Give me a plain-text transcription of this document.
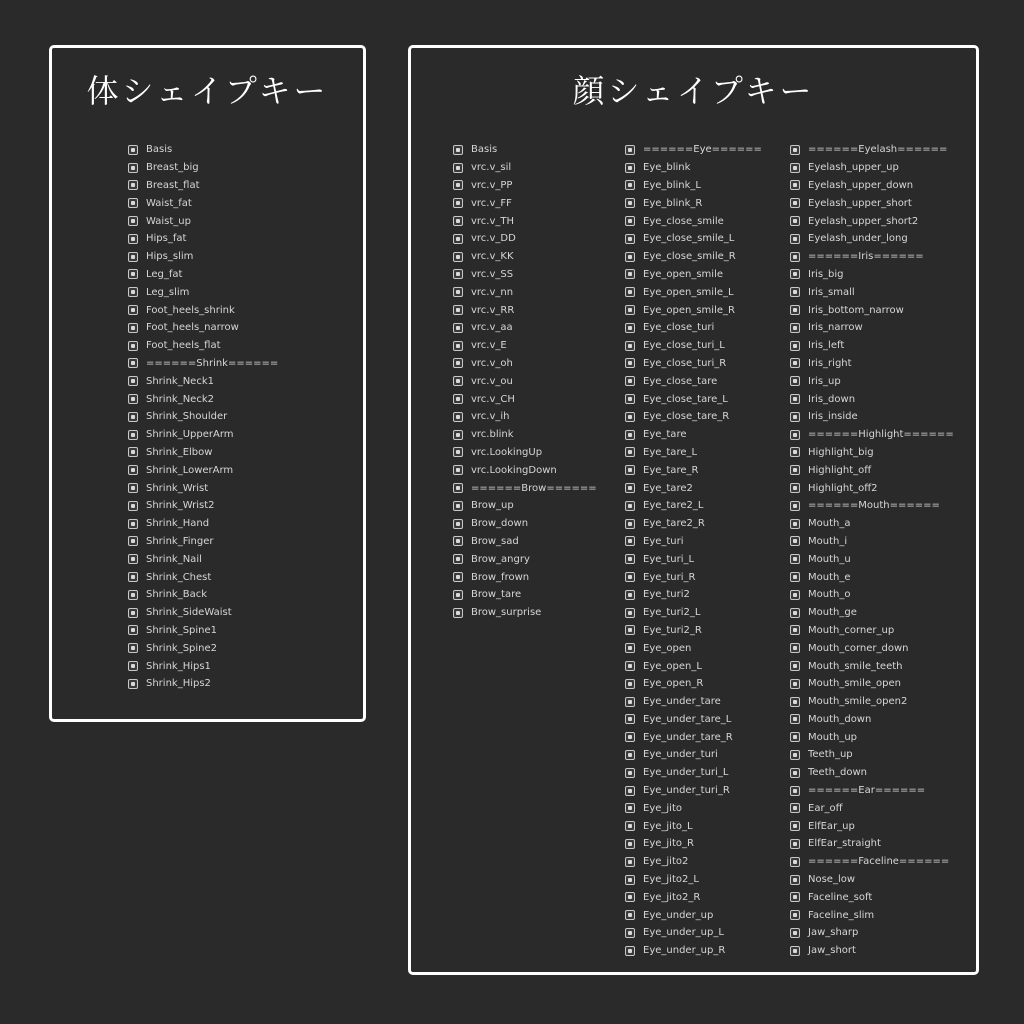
体シェイプキー
Basis
Breast_big
Breast_flat
Waist_fat
Waist_up
Hips_fat
Hips_slim
Leg_fat
Leg_slim
Foot_heels_shrink
Foot_heels_narrow
Foot_heels_flat
======Shrink======
Shrink_Neck1
Shrink_Neck2
Shrink_Shoulder
Shrink_UpperArm
Shrink_Elbow
Shrink_LowerArm
Shrink_Wrist
Shrink_Wrist2
Shrink_Hand
Shrink_Finger
Shrink_Nail
Shrink_Chest
Shrink_Back
Shrink_SideWaist
Shrink_Spine1
Shrink_Spine2
Shrink_Hips1
Shrink_Hips2
顔シェイプキー
Basis
vrc.v_sil
vrc.v_PP
vrc.v_FF
vrc.v_TH
vrc.v_DD
vrc.v_KK
vrc.v_SS
vrc.v_nn
vrc.v_RR
vrc.v_aa
vrc.v_E
vrc.v_oh
vrc.v_ou
vrc.v_CH
vrc.v_ih
vrc.blink
vrc.LookingUp
vrc.LookingDown
======Brow======
Brow_up
Brow_down
Brow_sad
Brow_angry
Brow_frown
Brow_tare
Brow_surprise
======Eye======
Eye_blink
Eye_blink_L
Eye_blink_R
Eye_close_smile
Eye_close_smile_L
Eye_close_smile_R
Eye_open_smile
Eye_open_smile_L
Eye_open_smile_R
Eye_close_turi
Eye_close_turi_L
Eye_close_turi_R
Eye_close_tare
Eye_close_tare_L
Eye_close_tare_R
Eye_tare
Eye_tare_L
Eye_tare_R
Eye_tare2
Eye_tare2_L
Eye_tare2_R
Eye_turi
Eye_turi_L
Eye_turi_R
Eye_turi2
Eye_turi2_L
Eye_turi2_R
Eye_open
Eye_open_L
Eye_open_R
Eye_under_tare
Eye_under_tare_L
Eye_under_tare_R
Eye_under_turi
Eye_under_turi_L
Eye_under_turi_R
Eye_jito
Eye_jito_L
Eye_jito_R
Eye_jito2
Eye_jito2_L
Eye_jito2_R
Eye_under_up
Eye_under_up_L
Eye_under_up_R
======Eyelash======
Eyelash_upper_up
Eyelash_upper_down
Eyelash_upper_short
Eyelash_upper_short2
Eyelash_under_long
======Iris======
Iris_big
Iris_small
Iris_bottom_narrow
Iris_narrow
Iris_left
Iris_right
Iris_up
Iris_down
Iris_inside
======Highlight======
Highlight_big
Highlight_off
Highlight_off2
======Mouth======
Mouth_a
Mouth_i
Mouth_u
Mouth_e
Mouth_o
Mouth_ge
Mouth_corner_up
Mouth_corner_down
Mouth_smile_teeth
Mouth_smile_open
Mouth_smile_open2
Mouth_down
Mouth_up
Teeth_up
Teeth_down
======Ear======
Ear_off
ElfEar_up
ElfEar_straight
======Faceline======
Nose_low
Faceline_soft
Faceline_slim
Jaw_sharp
Jaw_short
